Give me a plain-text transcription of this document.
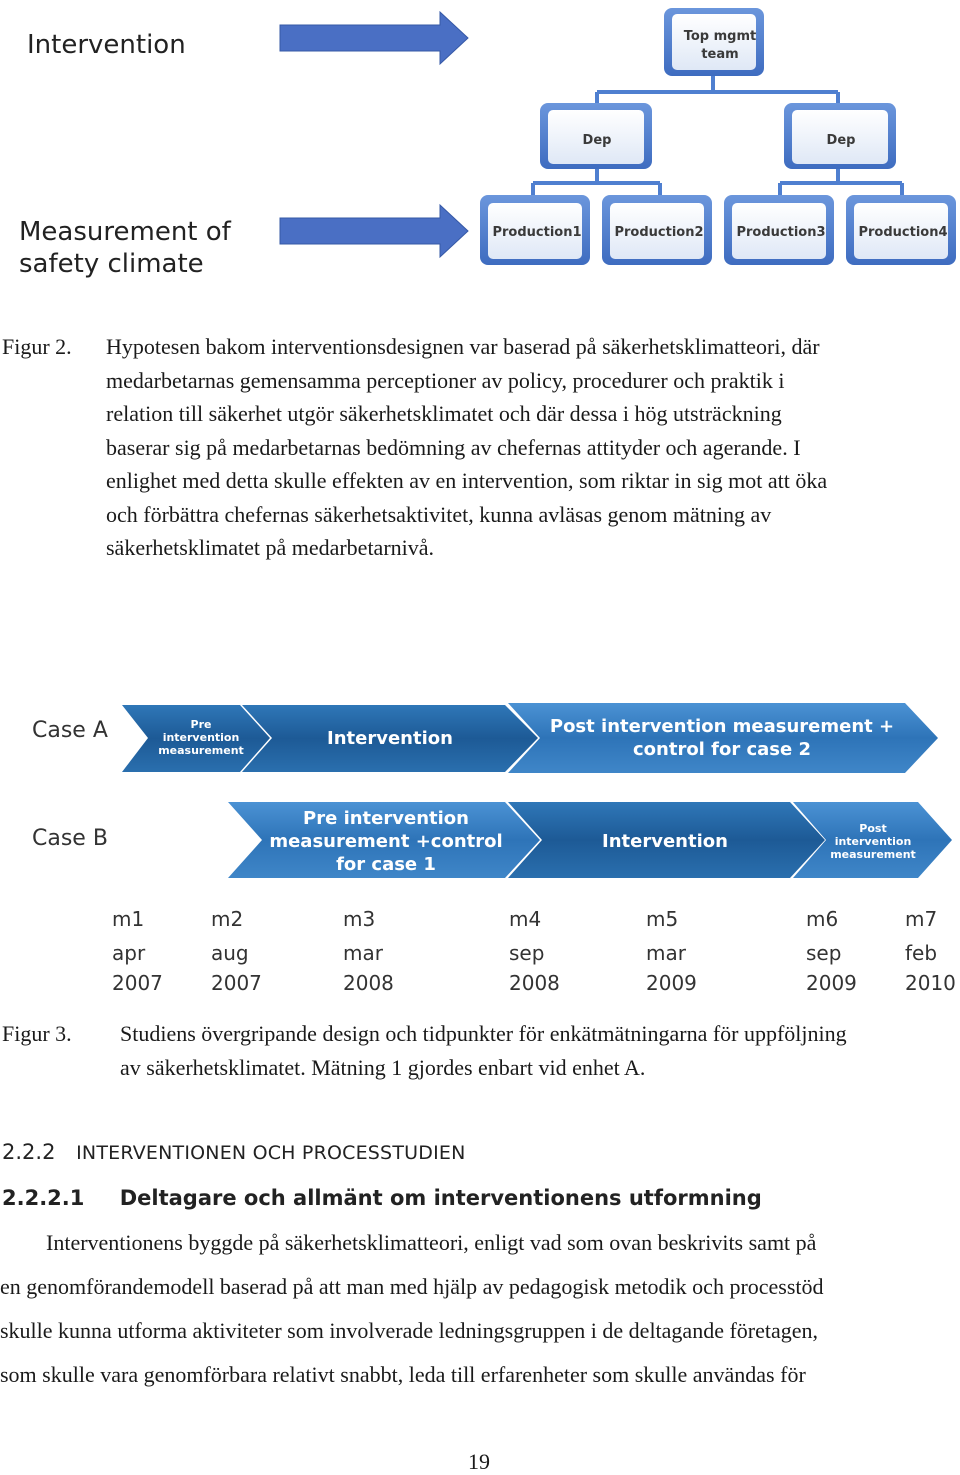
Intervention
Measurement of
safety climate
Top mgmt
team
Dep	Dep
Production1	Production2	Production3	Production4
Figur 2. Hypotesen bakom interventionsdesignen var baserad på säkerhetsklimatteori, där
medarbetarnas gemensamma perceptioner av policy, procedurer och praktik i
relation till säkerhet utgör säkerhetsklimatet och där dessa i hög utsträckning
baserar sig på medarbetarnas bedömning av chefernas attityder och agerande. I
enlighet med detta skulle effekten av en intervention, som riktar in sig mot att öka
och förbättra chefernas säkerhetsaktivitet, kunna avläsas genom mätning av
säkerhetsklimatet på medarbetarnivå.
Case A
Case B
Pre
intervention
measurement
Intervention
Post intervention measurement +
control for case 2
Pre intervention
measurement +control
for case 1
Intervention
Post
intervention
measurement
m1
apr
2007
m2
aug
2007
m3
mar
2008
m4
sep
2008
m5
mar
2009
m6
sep
2009
m7
feb
2010
Figur 3. Studiens övergripande design och tidpunkter för enkätmätningarna för uppföljning
av säkerhetsklimatet. Mätning 1 gjordes enbart vid enhet A.
2.2.2 INTERVENTIONEN OCH PROCESSTUDIEN
2.2.2.1 Deltagare och allmänt om interventionens utformning
Interventionens byggde på säkerhetsklimatteori, enligt vad som ovan beskrivits samt på
en genomförandemodell baserad på att man med hjälp av pedagogisk metodik och processtöd
skulle kunna utforma aktiviteter som involverade ledningsgruppen i de deltagande företagen,
som skulle vara genomförbara relativt snabbt, leda till erfarenheter som skulle användas för
19
